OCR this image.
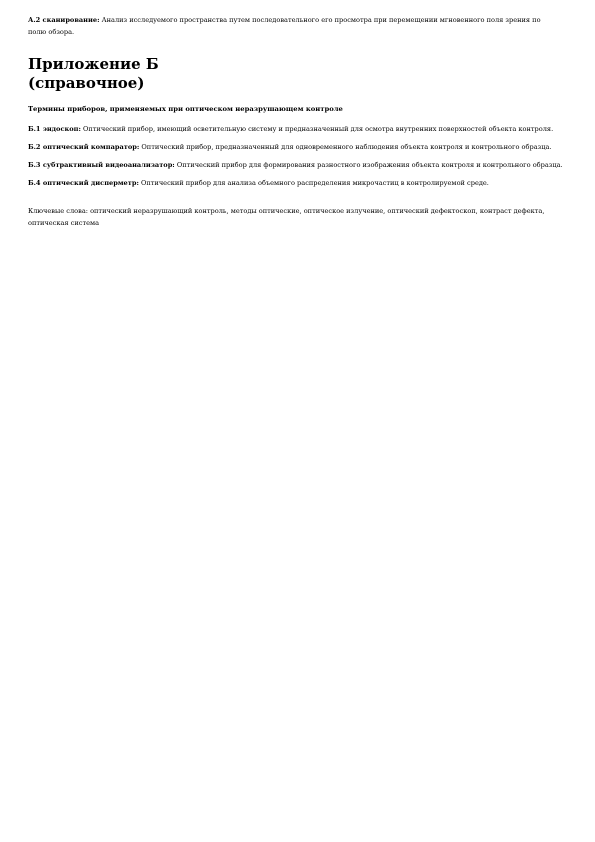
А.2 сканирование: Анализ исследуемого пространства путем последовательного его просмотра при перемещении мгновенного поля зрения по полю обзора.

Приложение Б
(справочное)

Термины приборов, применяемых при оптическом неразрушающем контроле

Б.1 эндоскоп: Оптический прибор, имеющий осветительную систему и предназначенный для осмотра внутренних поверхностей объекта контроля.

Б.2 оптический компаратор: Оптический прибор, предназначенный для одновременного наблюдения объекта контроля и контрольного образца.

Б.3 субтрактивный видеоанализатор: Оптический прибор для формирования разностного изображения объекта контроля и контрольного образца.

Б.4 оптический дисперметр: Оптический прибор для анализа объемного распределения микрочастиц в контролируемой среде.

Ключевые слова: оптический неразрушающий контроль, методы оптические, оптическое излучение, оптический дефектоскоп, контраст дефекта, оптическая система
